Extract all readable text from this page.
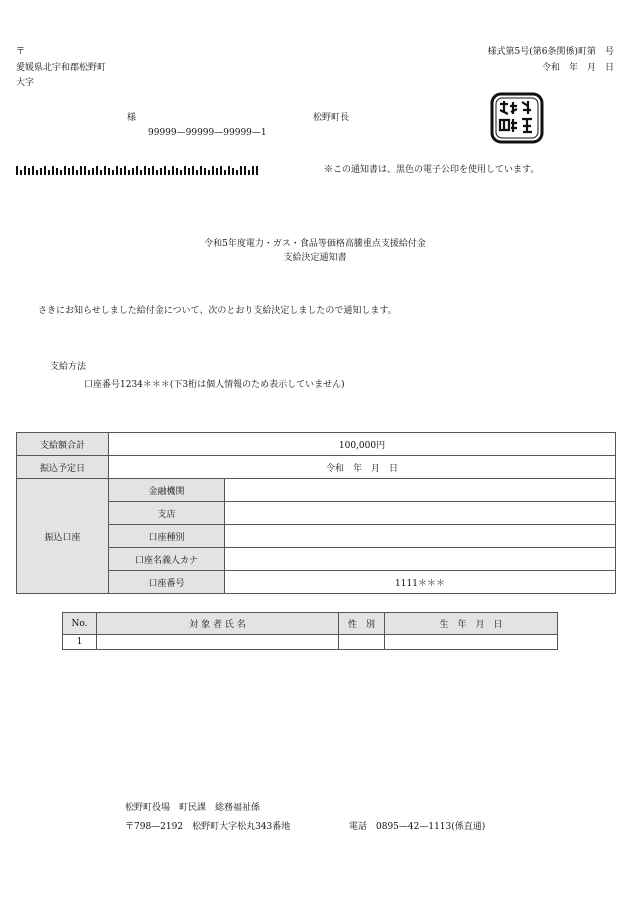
〒
愛媛県北宇和郡松野町
大字
様式第5号(第6条関係)町第　号
令和　年　月　日
様
99999—99999—99999—1
松野町長
※この通知書は、黒色の電子公印を使用しています。
令和5年度電力・ガス・食品等価格高騰重点支援給付金
支給決定通知書
さきにお知らせしました給付金について、次のとおり支給決定しましたので通知します。
支給方法
口座番号1234＊＊＊(下3桁は個人情報のため表示していません)
支給額合計	100,000円	
振込予定日	令和　年　月　日	
振込口座	金融機関	
	支店	
	口座種別	
	口座名義人カナ	
	口座番号	1111＊＊＊
No.	対 象 者 氏 名	性　別	生　年　月　日
1			
松野町役場　町民課　総務福祉係
〒798—2192　松野町大字松丸343番地	電話　0895—42—1113(係直通)
